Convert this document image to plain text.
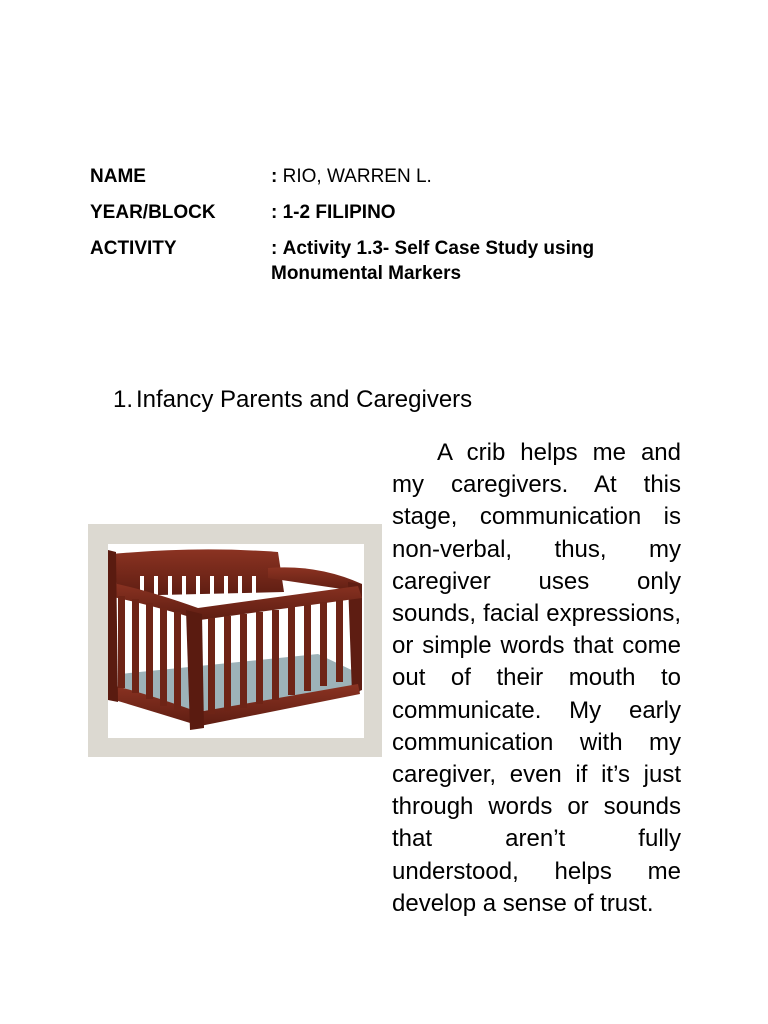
NAME	: RIO, WARREN L.
YEAR/BLOCK	: 1-2 FILIPINO
ACTIVITY	: Activity 1.3- Self Case Study using Monumental Markers
1. Infancy Parents and Caregivers
A crib helps me and my caregivers. At this stage, communication is non-verbal, thus, my caregiver uses only sounds, facial expressions, or simple words that come out of their mouth to communicate. My early communication with my caregiver, even if it’s just through words or sounds that aren’t fully understood, helps me develop a sense of trust.
